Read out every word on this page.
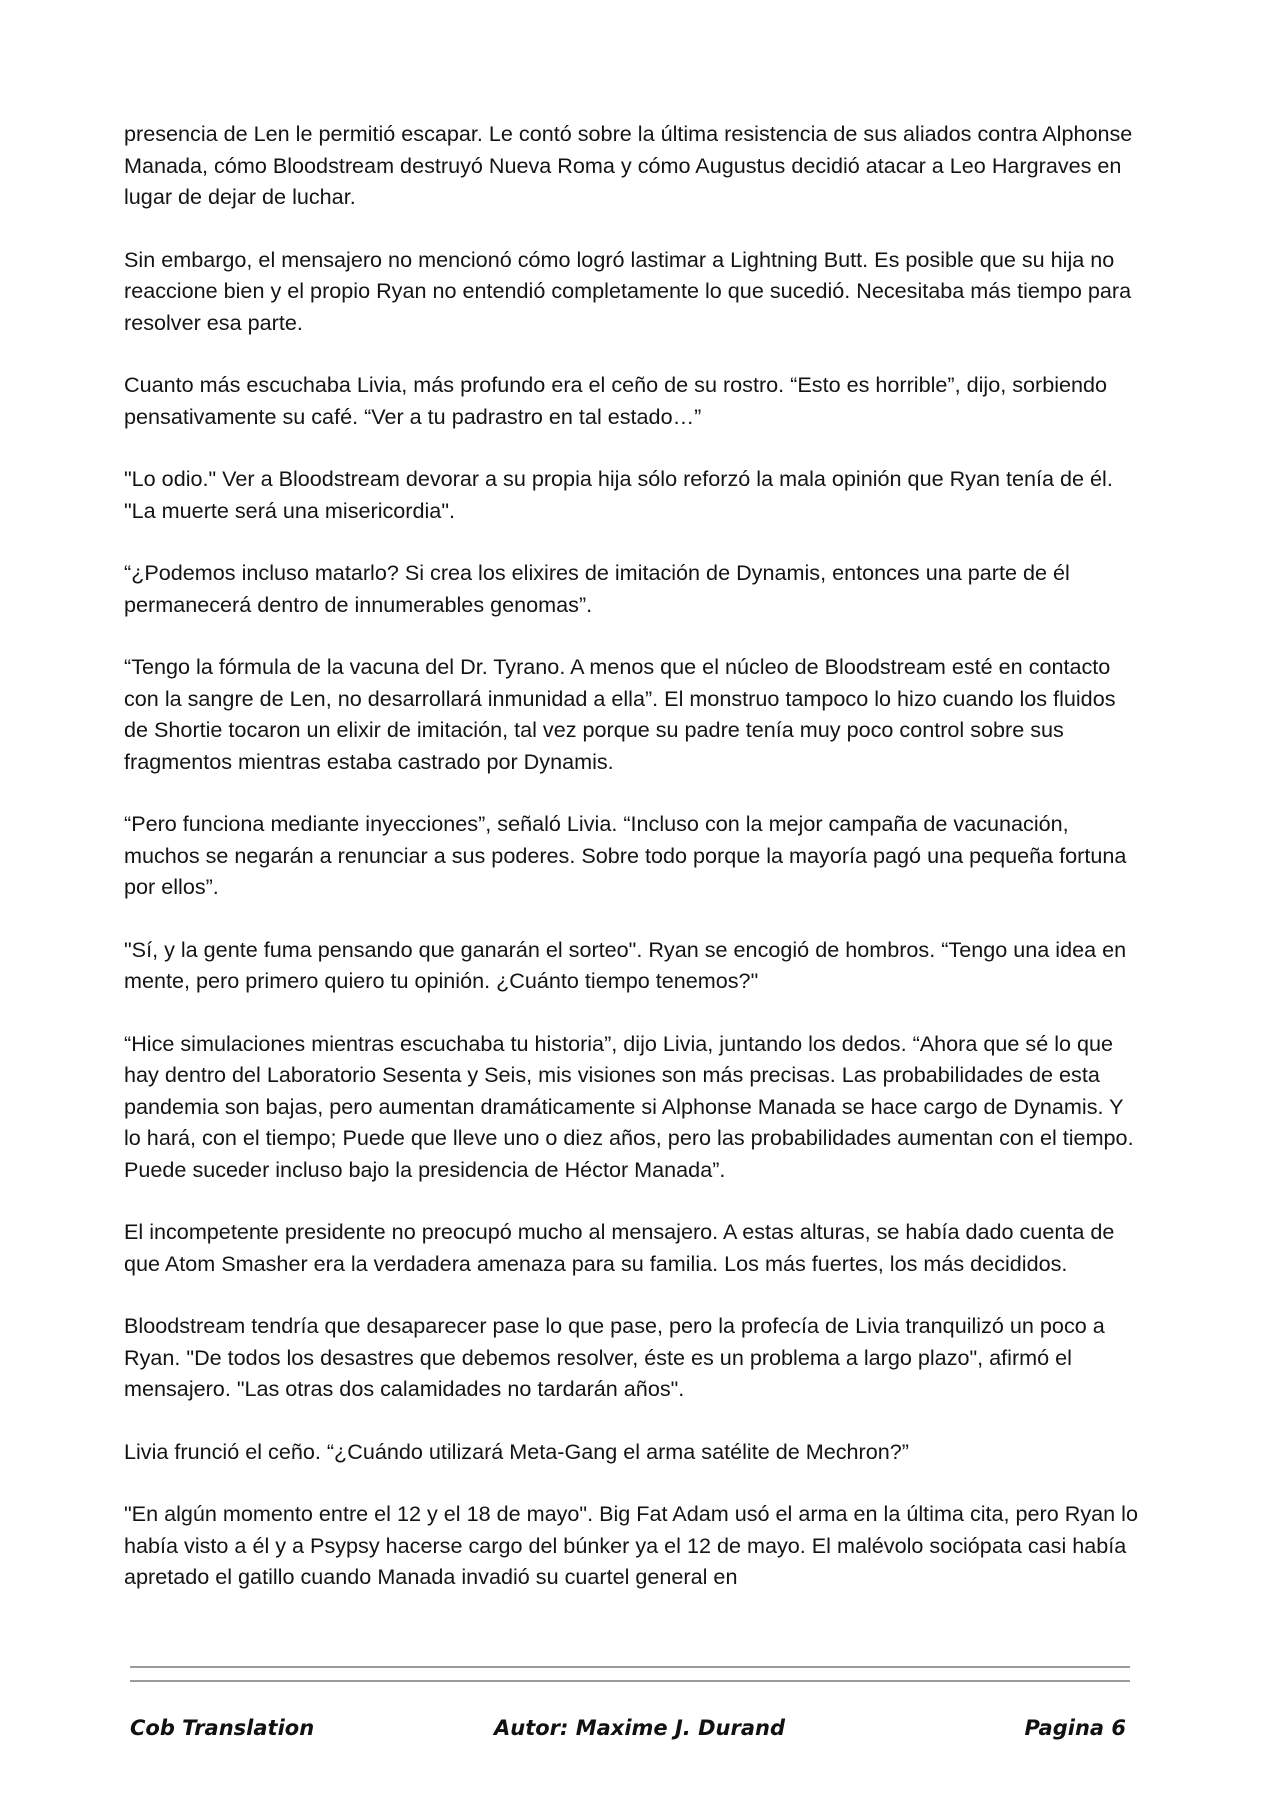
presencia de Len le permitió escapar. Le contó sobre la última resistencia de sus aliados contra Alphonse Manada, cómo Bloodstream destruyó Nueva Roma y cómo Augustus decidió atacar a Leo Hargraves en lugar de dejar de luchar.

Sin embargo, el mensajero no mencionó cómo logró lastimar a Lightning Butt. Es posible que su hija no reaccione bien y el propio Ryan no entendió completamente lo que sucedió. Necesitaba más tiempo para resolver esa parte.

Cuanto más escuchaba Livia, más profundo era el ceño de su rostro. “Esto es horrible”, dijo, sorbiendo pensativamente su café. “Ver a tu padrastro en tal estado…”

"Lo odio." Ver a Bloodstream devorar a su propia hija sólo reforzó la mala opinión que Ryan tenía de él. "La muerte será una misericordia".

“¿Podemos incluso matarlo? Si crea los elixires de imitación de Dynamis, entonces una parte de él permanecerá dentro de innumerables genomas”.

“Tengo la fórmula de la vacuna del Dr. Tyrano. A menos que el núcleo de Bloodstream esté en contacto con la sangre de Len, no desarrollará inmunidad a ella”. El monstruo tampoco lo hizo cuando los fluidos de Shortie tocaron un elixir de imitación, tal vez porque su padre tenía muy poco control sobre sus fragmentos mientras estaba castrado por Dynamis.

“Pero funciona mediante inyecciones”, señaló Livia. “Incluso con la mejor campaña de vacunación, muchos se negarán a renunciar a sus poderes. Sobre todo porque la mayoría pagó una pequeña fortuna por ellos”.

"Sí, y la gente fuma pensando que ganarán el sorteo". Ryan se encogió de hombros. “Tengo una idea en mente, pero primero quiero tu opinión. ¿Cuánto tiempo tenemos?"

“Hice simulaciones mientras escuchaba tu historia”, dijo Livia, juntando los dedos. “Ahora que sé lo que hay dentro del Laboratorio Sesenta y Seis, mis visiones son más precisas. Las probabilidades de esta pandemia son bajas, pero aumentan dramáticamente si Alphonse Manada se hace cargo de Dynamis. Y lo hará, con el tiempo; Puede que lleve uno o diez años, pero las probabilidades aumentan con el tiempo. Puede suceder incluso bajo la presidencia de Héctor Manada”.

El incompetente presidente no preocupó mucho al mensajero. A estas alturas, se había dado cuenta de que Atom Smasher era la verdadera amenaza para su familia. Los más fuertes, los más decididos.

Bloodstream tendría que desaparecer pase lo que pase, pero la profecía de Livia tranquilizó un poco a Ryan. "De todos los desastres que debemos resolver, éste es un problema a largo plazo", afirmó el mensajero. "Las otras dos calamidades no tardarán años".

Livia frunció el ceño. “¿Cuándo utilizará Meta-Gang el arma satélite de Mechron?”

"En algún momento entre el 12 y el 18 de mayo". Big Fat Adam usó el arma en la última cita, pero Ryan lo había visto a él y a Psypsy hacerse cargo del búnker ya el 12 de mayo. El malévolo sociópata casi había apretado el gatillo cuando Manada invadió su cuartel general en

Cob Translation	Autor: Maxime J. Durand	Pagina 6
